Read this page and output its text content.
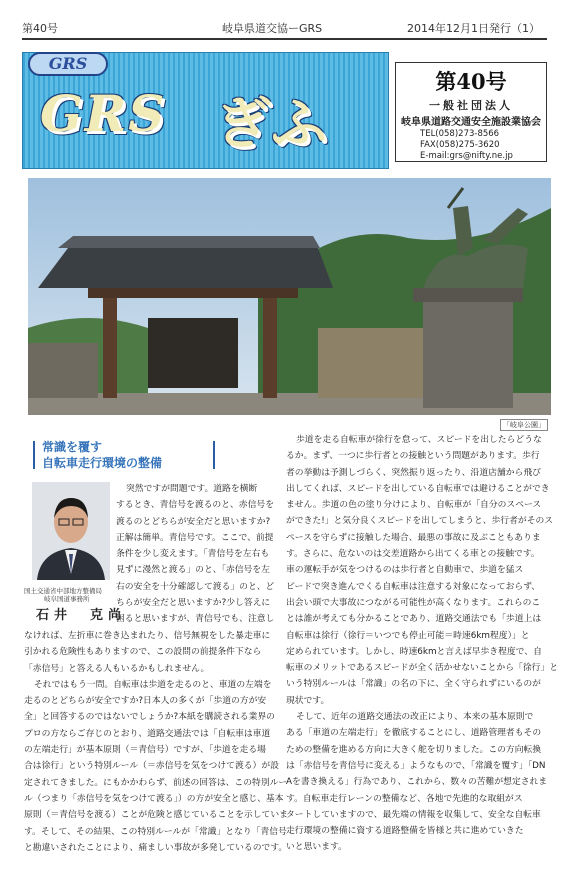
第40号	岐阜県道交協ーGRS	2014年12月1日発行（1）
GRS
GRS ぎふ
第40号
一般社団法人
岐阜県道路交通安全施設業協会
TEL(058)273-8566
FAX(058)275-3620
E-mail:grs@nifty.ne.jp
「岐阜公園」
常識を覆す
自転車走行環境の整備
国土交通省中部地方整備局
岐阜国道事務所
石井　克尚
突然ですが問題です。道路を横断
するとき、青信号を渡るのと、赤信号を
渡るのとどちらが安全だと思いますか?
正解は簡単。青信号です。ここで、前提
条件を少し変えます。「青信号を左右も
見ずに漫然と渡る」のと、「赤信号を左
右の安全を十分確認して渡る」のと、ど
ちらが安全だと思いますか?少し答えに
困ると思いますが、青信号でも、注意し
なければ、左折車に巻き込まれたり、信号無視をした暴走車に
引かれる危険性もありますので、この設問の前提条件下なら
「赤信号」と答える人もいるかもしれません。
それではもう一問。自転車は歩道を走るのと、車道の左端を
走るのとどちらが安全ですか?日本人の多くが「歩道の方が安
全」と回答するのではないでしょうか?本紙を購読される業界の
プロの方ならご存じのとおり、道路交通法では「自転車は車道
の左端走行」が基本原則（＝青信号）ですが、「歩道を走る場
合は徐行」という特別ルール（＝赤信号を気をつけて渡る）が設
定されてきました。にもかかわらず、前述の回答は、この特別ルー
ル（つまり「赤信号を気をつけて渡る」）の方が安全と感じ、基本
原則（＝青信号を渡る）ことが危険と感じていることを示していま
す。そして、その結果、この特別ルールが「常識」となり「青信号
と勘違いされたことにより、痛ましい事故が多発しているのです。
歩道を走る自転車が徐行を怠って、スピードを出したらどうな
るか。まず、一つに歩行者との接触という問題があります。歩行
者の挙動は予測しづらく、突然振り返ったり、沿道店舗から飛び
出してくれば、スピードを出している自転車では避けることができ
ません。歩道の色の塗り分けにより、自転車が「自分のスペース
ができた!」と気分良くスピードを出してしまうと、歩行者がそのス
ペースを守らずに接触した場合、最悪の事故に及ぶこともありま
す。さらに、危ないのは交差道路から出てくる車との接触です。
車の運転手が気をつけるのは歩行者と自動車で、歩道を猛ス
ピードで突き進んでくる自転車は注意する対象になっておらず、
出会い頭で大事故につながる可能性が高くなります。これらのこ
とは誰が考えても分かることであり、道路交通法でも「歩道上は
自転車は徐行（徐行＝いつでも停止可能＝時速6km程度）」と
定められています。しかし、時速6kmと言えば早歩き程度で、自
転車のメリットであるスピードが全く活かせないことから「徐行」と
いう特別ルールは「常識」の名の下に、全く守られずにいるのが
現状です。
そして、近年の道路交通法の改正により、本来の基本原則で
ある「車道の左端走行」を徹底することにし、道路管理者もその
ための整備を進める方向に大きく舵を切りました。この方向転換
は「赤信号を青信号に変える」ようなもので、「常識を覆す」「DN
Aを書き換える」行為であり、これから、数々の苦難が想定されま
す。自転車走行レーンの整備など、各地で先進的な取組がス
タートしていますので、最先端の情報を収集して、安全な自転車
走行環境の整備に資する道路整備を皆様と共に進めていきた
いと思います。
